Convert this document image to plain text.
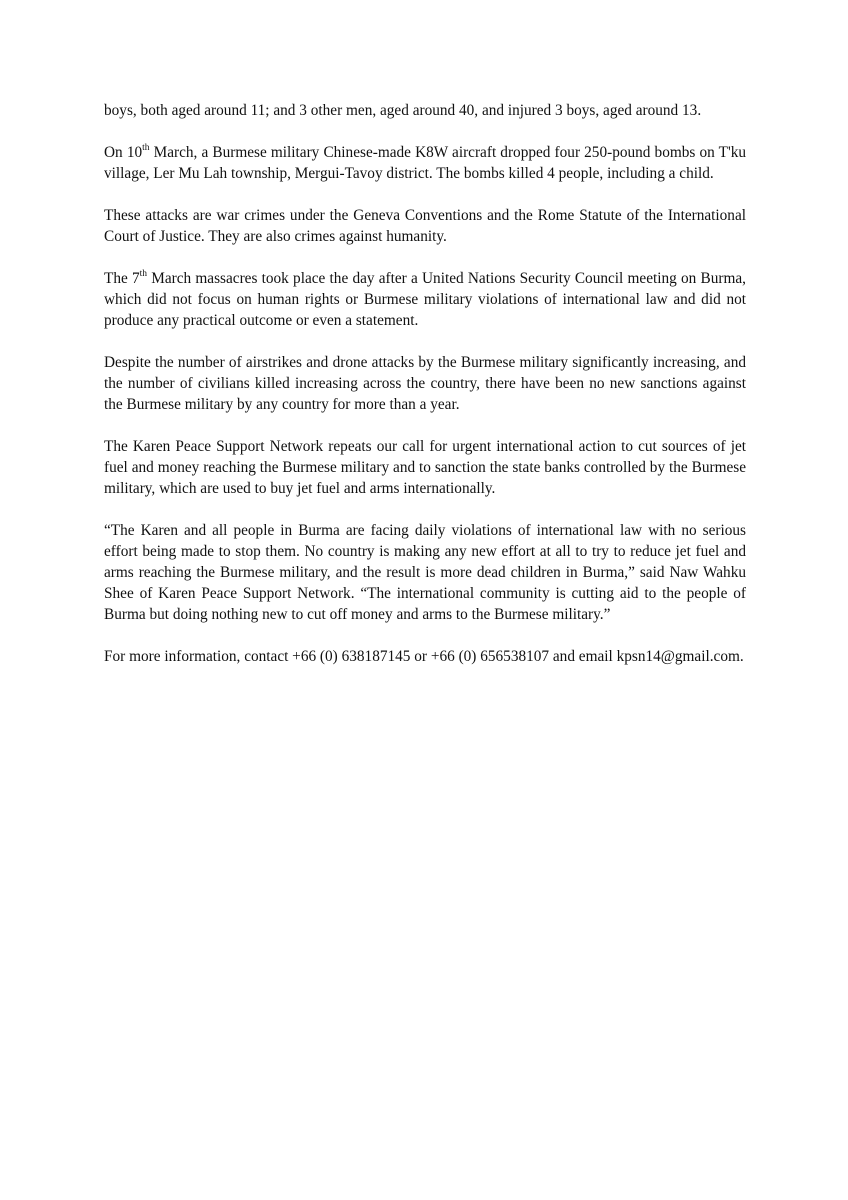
boys, both aged around 11; and 3 other men, aged around 40, and injured 3 boys, aged around 13.

On 10th March, a Burmese military Chinese-made K8W aircraft dropped four 250-pound bombs on T'ku village, Ler Mu Lah township, Mergui-Tavoy district. The bombs killed 4 people, including a child.

These attacks are war crimes under the Geneva Conventions and the Rome Statute of the International Court of Justice. They are also crimes against humanity.

The 7th March massacres took place the day after a United Nations Security Council meeting on Burma, which did not focus on human rights or Burmese military violations of international law and did not produce any practical outcome or even a statement.

Despite the number of airstrikes and drone attacks by the Burmese military significantly increasing, and the number of civilians killed increasing across the country, there have been no new sanctions against the Burmese military by any country for more than a year.

The Karen Peace Support Network repeats our call for urgent international action to cut sources of jet fuel and money reaching the Burmese military and to sanction the state banks controlled by the Burmese military, which are used to buy jet fuel and arms internationally.

“The Karen and all people in Burma are facing daily violations of international law with no serious effort being made to stop them. No country is making any new effort at all to try to reduce jet fuel and arms reaching the Burmese military, and the result is more dead children in Burma,” said Naw Wahku Shee of Karen Peace Support Network. “The international community is cutting aid to the people of Burma but doing nothing new to cut off money and arms to the Burmese military.”

For more information, contact +66 (0) 638187145 or +66 (0) 656538107 and email kpsn14@gmail.com.
